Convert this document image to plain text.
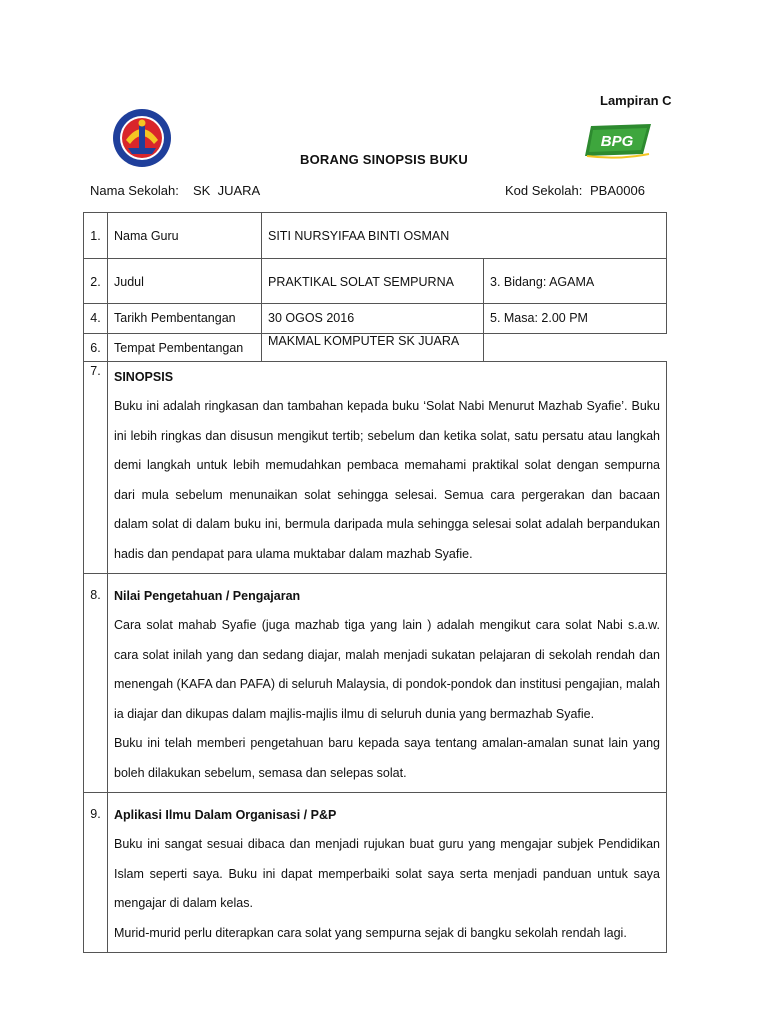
Lampiran C
BPG
BORANG SINOPSIS BUKU
Nama Sekolah: SK  JUARA	Kod Sekolah: PBA0006
1.	Nama Guru	SITI NURSYIFAA BINTI OSMAN	
2.	Judul	PRAKTIKAL SOLAT SEMPURNA	3. Bidang: AGAMA
4.	Tarikh Pembentangan	30 OGOS 2016	5. Masa: 2.00 PM
6.	Tempat Pembentangan	MAKMAL KOMPUTER SK JUARA	
7.	SINOPSIS

Buku ini adalah ringkasan dan tambahan kepada buku ‘Solat Nabi Menurut Mazhab Syafie’. Buku ini lebih ringkas dan disusun mengikut tertib; sebelum dan ketika solat, satu persatu atau langkah demi langkah untuk lebih memudahkan pembaca memahami praktikal solat dengan sempurna dari mula sebelum menunaikan solat sehingga selesai. Semua cara pergerakan dan bacaan dalam solat di dalam buku ini, bermula daripada mula sehingga selesai solat adalah berpandukan hadis dan pendapat para ulama muktabar dalam mazhab Syafie.		

8.	Nilai Pengetahuan / Pengajaran

Cara solat mahab Syafie (juga mazhab tiga yang lain ) adalah mengikut cara solat Nabi s.a.w. cara solat inilah yang dan sedang diajar, malah menjadi sukatan pelajaran di sekolah rendah dan menengah (KAFA dan PAFA) di seluruh Malaysia, di pondok-pondok dan institusi pengajian, malah ia diajar dan dikupas dalam majlis-majlis ilmu di seluruh dunia yang bermazhab Syafie.

Buku ini telah memberi pengetahuan baru kepada saya tentang amalan-amalan sunat lain yang boleh dilakukan sebelum, semasa dan selepas solat.		

9.	Aplikasi Ilmu Dalam Organisasi / P&P

Buku ini sangat sesuai dibaca dan menjadi rujukan buat guru yang mengajar subjek Pendidikan Islam seperti saya. Buku ini dapat memperbaiki solat saya serta menjadi panduan untuk saya mengajar di dalam kelas.

Murid-murid perlu diterapkan cara solat yang sempurna sejak di bangku sekolah rendah lagi.		
